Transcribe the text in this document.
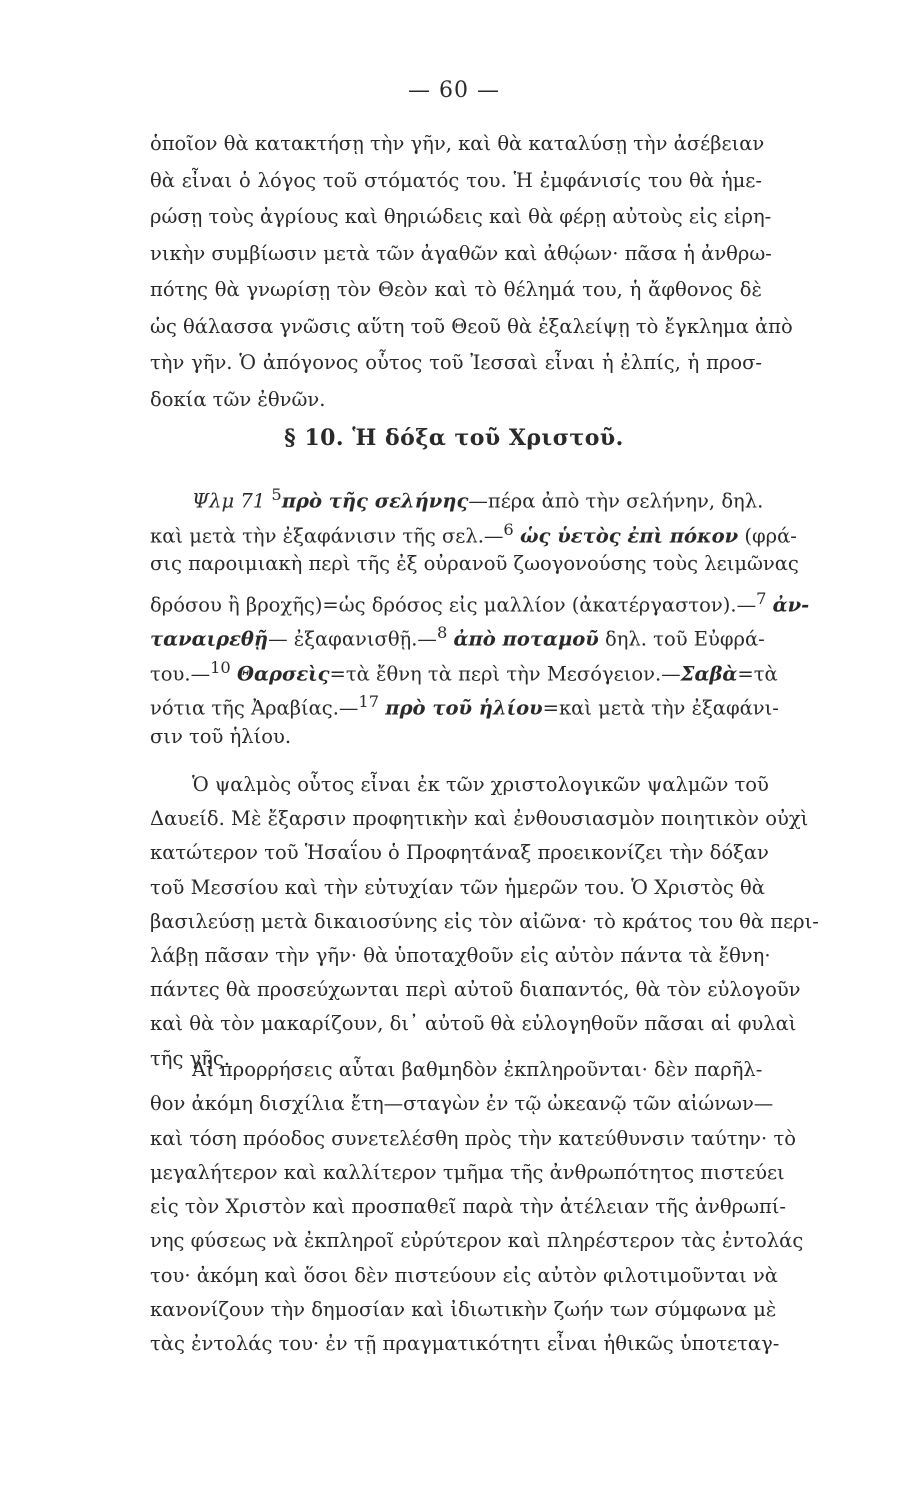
— 60 —
ὁποῖον θὰ κατακτήσῃ τὴν γῆν, καὶ θὰ καταλύσῃ τὴν ἀσέβειαν
θὰ εἶναι ὁ λόγος τοῦ στόματός του. Ἡ ἐμφάνισίς του θὰ ἡμε-
ρώσῃ τοὺς ἀγρίους καὶ θηριώδεις καὶ θὰ φέρῃ αὐτοὺς εἰς εἰρη-
νικὴν συμβίωσιν μετὰ τῶν ἀγαθῶν καὶ ἀθῴων· πᾶσα ἡ ἀνθρω-
πότης θὰ γνωρίσῃ τὸν Θεὸν καὶ τὸ θέλημά του, ἡ ἄφθονος δὲ
ὡς θάλασσα γνῶσις αὕτη τοῦ Θεοῦ θὰ ἐξαλείψῃ τὸ ἔγκλημα ἀπὸ
τὴν γῆν. Ὁ ἀπόγονος οὗτος τοῦ Ἰεσσαὶ εἶναι ἡ ἐλπίς, ἡ προσ-
δοκία τῶν ἐθνῶν.
§ 10. Ἡ δόξα τοῦ Χριστοῦ.
Ψλμ 71 $^5$πρὸ τῆς σελήνης—πέρα ἀπὸ τὴν σελήνην, δηλ.
καὶ μετὰ τὴν ἐξαφάνισιν τῆς σελ.—$^6$ ὡς ὑετὸς ἐπὶ πόκον (φρά-
σις παροιμιακὴ περὶ τῆς ἐξ οὐρανοῦ ζωογονούσης τοὺς λειμῶνας
δρόσου ἢ βροχῆς)=ὡς δρόσος εἰς μαλλίον (ἀκατέργαστον).—$^7$ ἀν-
ταναιρεθῇ— ἐξαφανισθῇ.—$^8$ ἀπὸ ποταμοῦ δηλ. τοῦ Εὐφρά-
του.—$^{10}$ Θαρσεὶς=τὰ ἔθνη τὰ περὶ τὴν Μεσόγειον.—Σαβὰ=τὰ
νότια τῆς Ἀραβίας.—$^{17}$ πρὸ τοῦ ἡλίου=καὶ μετὰ τὴν ἐξαφάνι-
σιν τοῦ ἡλίου.
Ὁ ψαλμὸς οὗτος εἶναι ἐκ τῶν χριστολογικῶν ψαλμῶν τοῦ
Δαυείδ. Μὲ ἔξαρσιν προφητικὴν καὶ ἐνθουσιασμὸν ποιητικὸν οὐχὶ
κατώτερον τοῦ Ἡσαΐου ὁ Προφητάναξ προεικονίζει τὴν δόξαν
τοῦ Μεσσίου καὶ τὴν εὐτυχίαν τῶν ἡμερῶν του. Ὁ Χριστὸς θὰ
βασιλεύσῃ μετὰ δικαιοσύνης εἰς τὸν αἰῶνα· τὸ κράτος του θὰ περι-
λάβῃ πᾶσαν τὴν γῆν· θὰ ὑποταχθοῦν εἰς αὐτὸν πάντα τὰ ἔθνη·
πάντες θὰ προσεύχωνται περὶ αὐτοῦ διαπαντός, θὰ τὸν εὐλογοῦν
καὶ θὰ τὸν μακαρίζουν, δι᾽ αὐτοῦ θὰ εὐλογηθοῦν πᾶσαι αἱ φυλαὶ
τῆς γῆς.
Αἱ προρρήσεις αὗται βαθμηδὸν ἐκπληροῦνται· δὲν παρῆλ-
θον ἀκόμη δισχίλια ἔτη—σταγὼν ἐν τῷ ὠκεανῷ τῶν αἰώνων—
καὶ τόση πρόοδος συνετελέσθη πρὸς τὴν κατεύθυνσιν ταύτην· τὸ
μεγαλήτερον καὶ καλλίτερον τμῆμα τῆς ἀνθρωπότητος πιστεύει
εἰς τὸν Χριστὸν καὶ προσπαθεῖ παρὰ τὴν ἀτέλειαν τῆς ἀνθρωπί-
νης φύσεως νὰ ἐκπληροῖ εὐρύτερον καὶ πληρέστερον τὰς ἐντολάς
του· ἀκόμη καὶ ὅσοι δὲν πιστεύουν εἰς αὐτὸν φιλοτιμοῦνται νὰ
κανονίζουν τὴν δημοσίαν καὶ ἰδιωτικὴν ζωήν των σύμφωνα μὲ
τὰς ἐντολάς του· ἐν τῇ πραγματικότητι εἶναι ἠθικῶς ὑποτεταγ-
